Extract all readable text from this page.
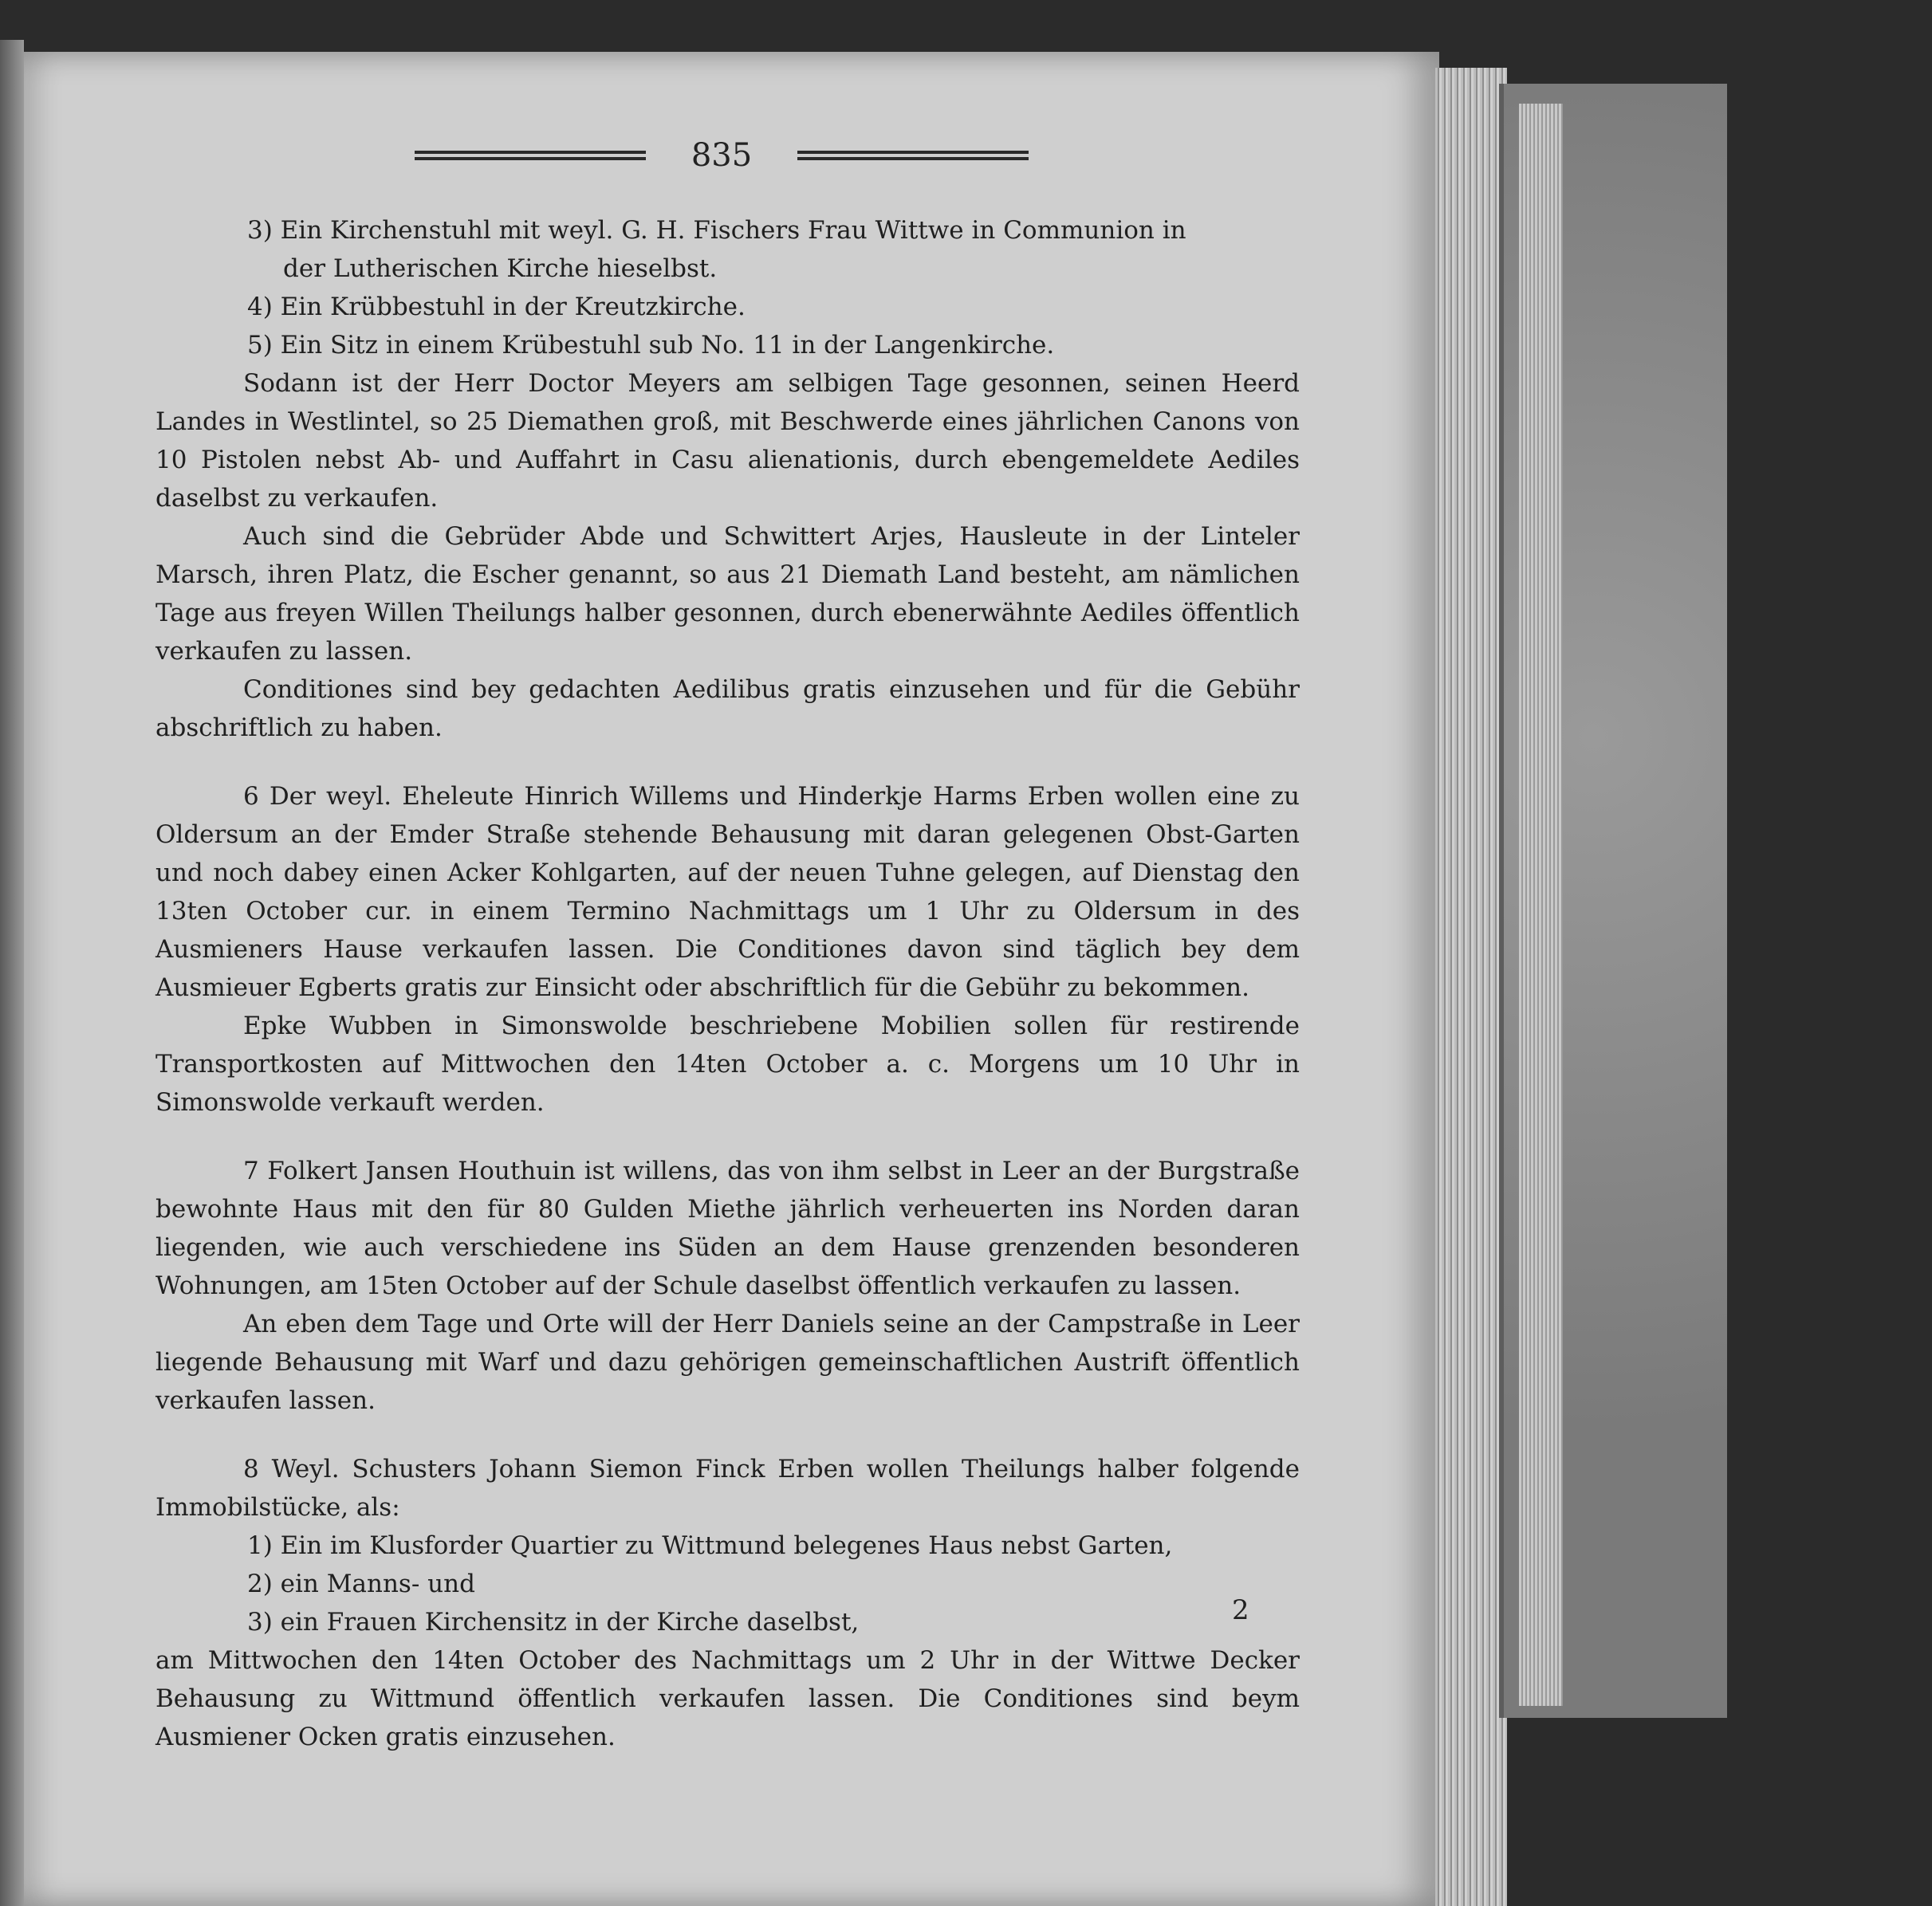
835

3) Ein Kirchenstuhl mit weyl. G. H. Fischers Frau Wittwe in Communion in

der Lutherischen Kirche hieselbst.

4) Ein Krübbestuhl in der Kreutzkirche.

5) Ein Sitz in einem Krübestuhl sub No. 11 in der Langenkirche.

Sodann ist der Herr Doctor Meyers am selbigen Tage gesonnen, seinen Heerd Landes in Westlintel, so 25 Diemathen groß, mit Beschwerde eines jährlichen Canons von 10 Pistolen nebst Ab- und Auffahrt in Casu alienationis, durch ebengemeldete Aediles daselbst zu verkaufen.

Auch sind die Gebrüder Abde und Schwittert Arjes, Hausleute in der Linteler Marsch, ihren Platz, die Escher genannt, so aus 21 Diemath Land besteht, am nämlichen Tage aus freyen Willen Theilungs halber gesonnen, durch ebenerwähnte Aediles öffentlich verkaufen zu lassen.

Conditiones sind bey gedachten Aedilibus gratis einzusehen und für die Gebühr abschriftlich zu haben.

6 Der weyl. Eheleute Hinrich Willems und Hinderkje Harms Erben wollen eine zu Oldersum an der Emder Straße stehende Behausung mit daran gelegenen Obst-Garten und noch dabey einen Acker Kohlgarten, auf der neuen Tuhne gelegen, auf Dienstag den 13ten October cur. in einem Termino Nachmittags um 1 Uhr zu Oldersum in des Ausmieners Hause verkaufen lassen. Die Conditiones davon sind täglich bey dem Ausmieuer Egberts gratis zur Einsicht oder abschriftlich für die Gebühr zu bekommen.

Epke Wubben in Simonswolde beschriebene Mobilien sollen für restirende Transportkosten auf Mittwochen den 14ten October a. c. Morgens um 10 Uhr in Simonswolde verkauft werden.

7 Folkert Jansen Houthuin ist willens, das von ihm selbst in Leer an der Burgstraße bewohnte Haus mit den für 80 Gulden Miethe jährlich verheuerten ins Norden daran liegenden, wie auch verschiedene ins Süden an dem Hause grenzenden besonderen Wohnungen, am 15ten October auf der Schule daselbst öffentlich verkaufen zu lassen.

An eben dem Tage und Orte will der Herr Daniels seine an der Campstraße in Leer liegende Behausung mit Warf und dazu gehörigen gemeinschaftlichen Austrift öffentlich verkaufen lassen.

8 Weyl. Schusters Johann Siemon Finck Erben wollen Theilungs halber folgende Immobilstücke, als:

1) Ein im Klusforder Quartier zu Wittmund belegenes Haus nebst Garten,

2) ein Manns- und

3) ein Frauen Kirchensitz in der Kirche daselbst,

am Mittwochen den 14ten October des Nachmittags um 2 Uhr in der Wittwe Decker Behausung zu Wittmund öffentlich verkaufen lassen. Die Conditiones sind beym Ausmiener Ocken gratis einzusehen.

2
